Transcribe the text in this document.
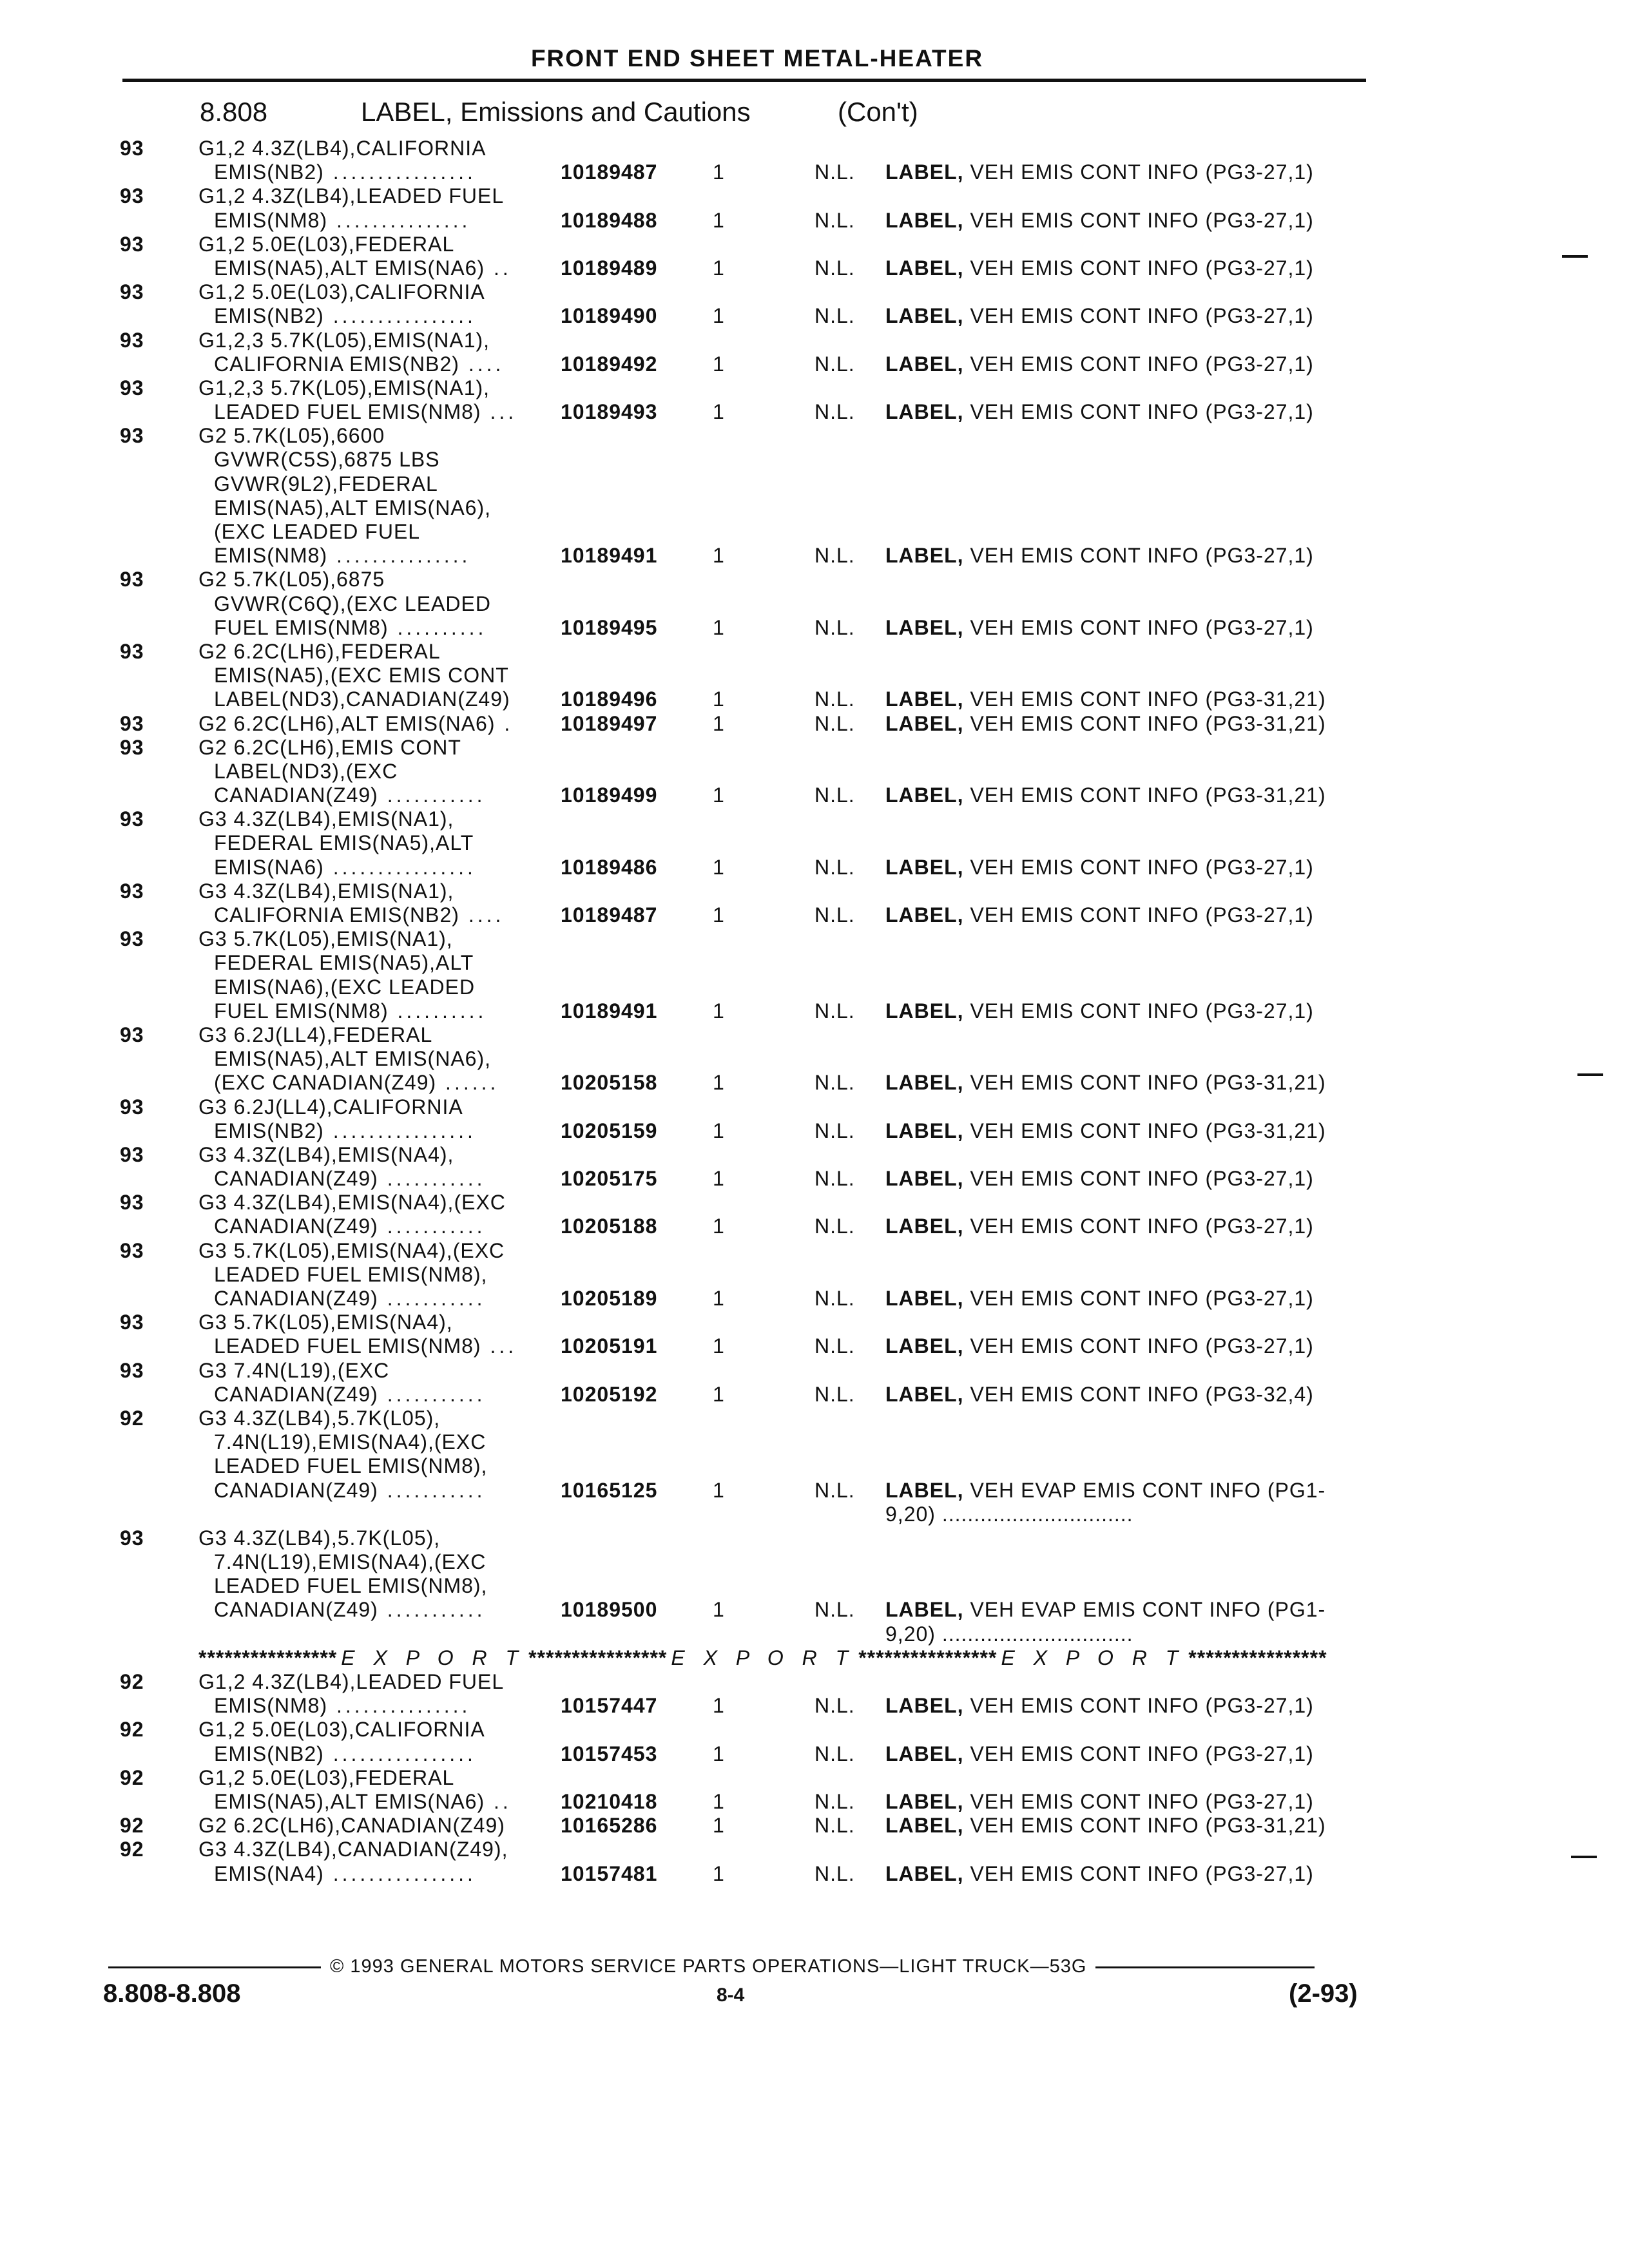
FRONT END SHEET METAL-HEATER
8.808	LABEL, Emissions and Cautions	(Con't)
93	G1,2 4.3Z(LB4),CALIFORNIA
EMIS(NB2) ................	10189487	1	N.L. LABEL, VEH EMIS CONT INFO (PG3-27,1)
93	G1,2 4.3Z(LB4),LEADED FUEL
EMIS(NM8) ...............	10189488	1	N.L. LABEL, VEH EMIS CONT INFO (PG3-27,1)
93	G1,2 5.0E(L03),FEDERAL
EMIS(NA5),ALT EMIS(NA6) .. 10189489	1	N.L. LABEL, VEH EMIS CONT INFO (PG3-27,1)
93	G1,2 5.0E(L03),CALIFORNIA
EMIS(NB2) ................	10189490	1	N.L. LABEL, VEH EMIS CONT INFO (PG3-27,1)
93	G1,2,3 5.7K(L05),EMIS(NA1),
CALIFORNIA EMIS(NB2) ....	10189492	1	N.L. LABEL, VEH EMIS CONT INFO (PG3-27,1)
93	G1,2,3 5.7K(L05),EMIS(NA1),
LEADED FUEL EMIS(NM8) ... 10189493	1	N.L. LABEL, VEH EMIS CONT INFO (PG3-27,1)
93	G2 5.7K(L05),6600
GVWR(C5S),6875 LBS
GVWR(9L2),FEDERAL
EMIS(NA5),ALT EMIS(NA6),
(EXC LEADED FUEL
EMIS(NM8) ...............	10189491	1	N.L. LABEL, VEH EMIS CONT INFO (PG3-27,1)
93	G2 5.7K(L05),6875
GVWR(C6Q),(EXC LEADED
FUEL EMIS(NM8) ..........	10189495	1	N.L. LABEL, VEH EMIS CONT INFO (PG3-27,1)
93	G2 6.2C(LH6),FEDERAL
EMIS(NA5),(EXC EMIS CONT
LABEL(ND3),CANADIAN(Z49) 10189496	1	N.L. LABEL, VEH EMIS CONT INFO (PG3-31,21)
93	G2 6.2C(LH6),ALT EMIS(NA6) . 10189497	1	N.L. LABEL, VEH EMIS CONT INFO (PG3-31,21)
93	G2 6.2C(LH6),EMIS CONT
LABEL(ND3),(EXC
CANADIAN(Z49) ...........	10189499	1	N.L. LABEL, VEH EMIS CONT INFO (PG3-31,21)
93	G3 4.3Z(LB4),EMIS(NA1),
FEDERAL EMIS(NA5),ALT
EMIS(NA6) ................	10189486	1	N.L. LABEL, VEH EMIS CONT INFO (PG3-27,1)
93	G3 4.3Z(LB4),EMIS(NA1),
CALIFORNIA EMIS(NB2) ....	10189487	1	N.L. LABEL, VEH EMIS CONT INFO (PG3-27,1)
93	G3 5.7K(L05),EMIS(NA1),
FEDERAL EMIS(NA5),ALT
EMIS(NA6),(EXC LEADED
FUEL EMIS(NM8) ..........	10189491	1	N.L. LABEL, VEH EMIS CONT INFO (PG3-27,1)
93	G3 6.2J(LL4),FEDERAL
EMIS(NA5),ALT EMIS(NA6),
(EXC CANADIAN(Z49) ......	10205158	1	N.L. LABEL, VEH EMIS CONT INFO (PG3-31,21)
93	G3 6.2J(LL4),CALIFORNIA
EMIS(NB2) ................	10205159	1	N.L. LABEL, VEH EMIS CONT INFO (PG3-31,21)
93	G3 4.3Z(LB4),EMIS(NA4),
CANADIAN(Z49) ...........	10205175	1	N.L. LABEL, VEH EMIS CONT INFO (PG3-27,1)
93	G3 4.3Z(LB4),EMIS(NA4),(EXC
CANADIAN(Z49) ...........	10205188	1	N.L. LABEL, VEH EMIS CONT INFO (PG3-27,1)
93	G3 5.7K(L05),EMIS(NA4),(EXC
LEADED FUEL EMIS(NM8),
CANADIAN(Z49) ...........	10205189	1	N.L. LABEL, VEH EMIS CONT INFO (PG3-27,1)
93	G3 5.7K(L05),EMIS(NA4),
LEADED FUEL EMIS(NM8) ... 10205191	1	N.L. LABEL, VEH EMIS CONT INFO (PG3-27,1)
93	G3 7.4N(L19),(EXC
CANADIAN(Z49) ...........	10205192	1	N.L. LABEL, VEH EMIS CONT INFO (PG3-32,4)
92	G3 4.3Z(LB4),5.7K(L05),
7.4N(L19),EMIS(NA4),(EXC
LEADED FUEL EMIS(NM8),
CANADIAN(Z49) ...........	10165125	1	N.L. LABEL, VEH EVAP EMIS CONT INFO (PG1-
9,20) ..............................
93	G3 4.3Z(LB4),5.7K(L05),
7.4N(L19),EMIS(NA4),(EXC
LEADED FUEL EMIS(NM8),
CANADIAN(Z49) ...........	10189500	1	N.L. LABEL, VEH EVAP EMIS CONT INFO (PG1-
9,20) ..............................
**************** E X P O R T **************** E X P O R T **************** E X P O R T ****************
92	G1,2 4.3Z(LB4),LEADED FUEL
EMIS(NM8) ...............	10157447	1	N.L. LABEL, VEH EMIS CONT INFO (PG3-27,1)
92	G1,2 5.0E(L03),CALIFORNIA
EMIS(NB2) ................	10157453	1	N.L. LABEL, VEH EMIS CONT INFO (PG3-27,1)
92	G1,2 5.0E(L03),FEDERAL
EMIS(NA5),ALT EMIS(NA6) .. 10210418	1	N.L. LABEL, VEH EMIS CONT INFO (PG3-27,1)
92	G2 6.2C(LH6),CANADIAN(Z49)	10165286	1	N.L. LABEL, VEH EMIS CONT INFO (PG3-31,21)
92	G3 4.3Z(LB4),CANADIAN(Z49),
EMIS(NA4) ................	10157481	1	N.L. LABEL, VEH EMIS CONT INFO (PG3-27,1)
© 1993 GENERAL MOTORS SERVICE PARTS OPERATIONS—LIGHT TRUCK—53G
8.808-8.808	8-4	(2-93)
